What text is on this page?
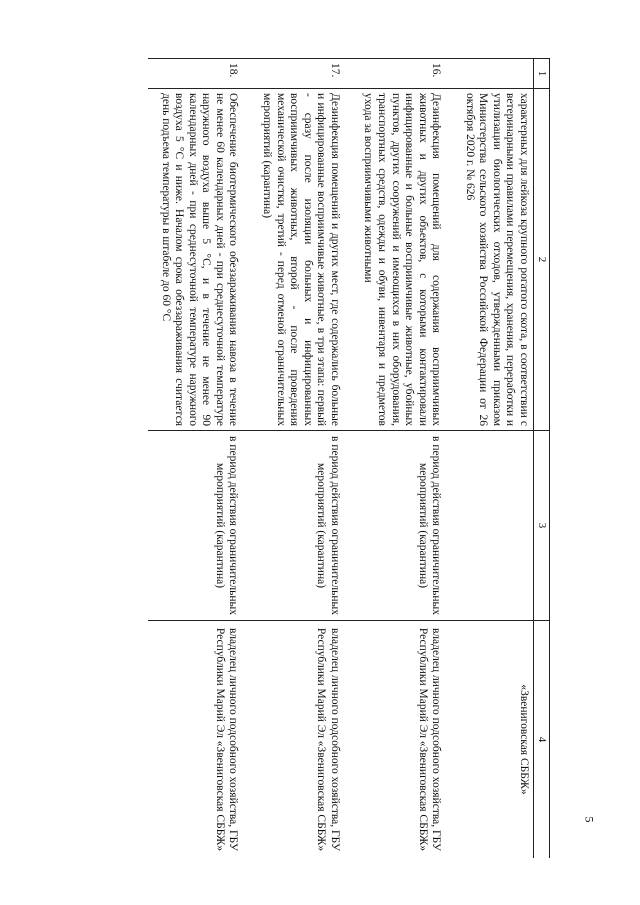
5
1	2	3	4
	характерных для лейкоза крупного рогатого скота, в соответствии с ветеринарными правилами перемещения, хранения, переработки и утилизации биологических отходов, утвержденными приказом Министерства сельского хозяйства Российской Федерации от 26 октября 2020 г. № 626		«Звениговская СББЖ»
16.	Дезинфекция помещений для содержания восприимчивых животных и других объектов, с которыми контактировали инфицированные и больные восприимчивые животные, убойных пунктов, других сооружений и имеющихся в них оборудования, транспортных средств, одежды и обуви, инвентаря и предметов ухода за восприимчивыми животными	в период действия ограничительных мероприятий (карантина)	владелец личного подсобного хозяйства, ГБУ Республики Марий Эл «Звениговская СББЖ»
17.	Дезинфекция помещений и других мест, где содержались больные и инфицированные восприимчивые животные, в три этапа: первый - сразу после изоляции больных и инфицированных восприимчивых животных, второй - после проведения механической очистки, третий - перед отменой ограничительных мероприятий (карантина)	в период действия ограничительных мероприятий (карантина)	владелец личного подсобного хозяйства, ГБУ Республики Марий Эл «Звениговская СББЖ»
18.	Обеспечение биотермического обеззараживания навоза в течение не менее 60 календарных дней - при среднесуточной температуре наружного воздуха выше 5 °С, и в течение не менее 90 календарных дней - при среднесуточной температуре наружного воздуха 5 °С и ниже. Началом срока обеззараживания считается день подъема температуры в штабеле до 60 °С	в период действия ограничительных мероприятий (карантина)	владелец личного подсобного хозяйства, ГБУ Республики Марий Эл «Звениговская СББЖ»
